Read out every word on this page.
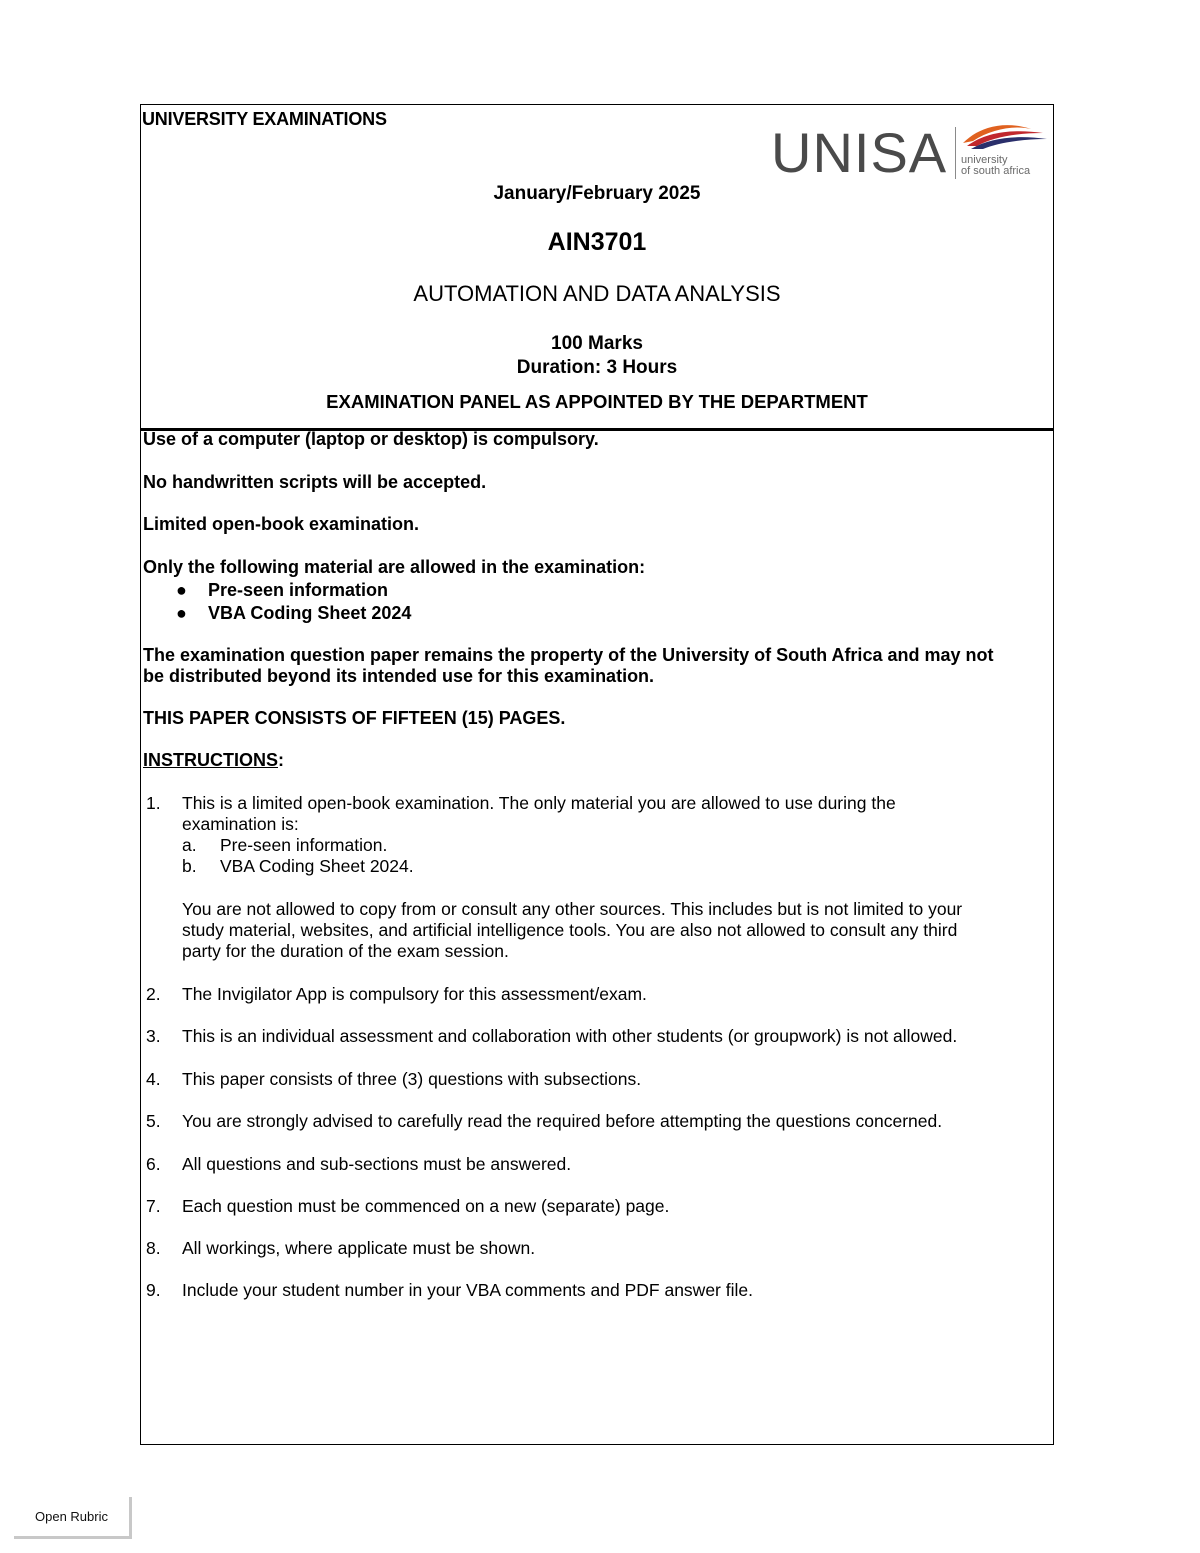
UNIVERSITY EXAMINATIONS
UNISA university
of south africa
January/February 2025
AIN3701
AUTOMATION AND DATA ANALYSIS
100 Marks
Duration: 3 Hours
EXAMINATION PANEL AS APPOINTED BY THE DEPARTMENT
Use of a computer (laptop or desktop) is compulsory.
No handwritten scripts will be accepted.
Limited open-book examination.
Only the following material are allowed in the examination:
● Pre-seen information
● VBA Coding Sheet 2024
The examination question paper remains the property of the University of South Africa and may not
be distributed beyond its intended use for this examination.
THIS PAPER CONSISTS OF FIFTEEN (15) PAGES.
INSTRUCTIONS:
1. This is a limited open-book examination. The only material you are allowed to use during the
examination is:
a. Pre-seen information.
b. VBA Coding Sheet 2024.
You are not allowed to copy from or consult any other sources. This includes but is not limited to your
study material, websites, and artificial intelligence tools. You are also not allowed to consult any third
party for the duration of the exam session.
2. The Invigilator App is compulsory for this assessment/exam.
3. This is an individual assessment and collaboration with other students (or groupwork) is not allowed.
4. This paper consists of three (3) questions with subsections.
5. You are strongly advised to carefully read the required before attempting the questions concerned.
6. All questions and sub-sections must be answered.
7. Each question must be commenced on a new (separate) page.
8. All workings, where applicate must be shown.
9. Include your student number in your VBA comments and PDF answer file.
Open Rubric
